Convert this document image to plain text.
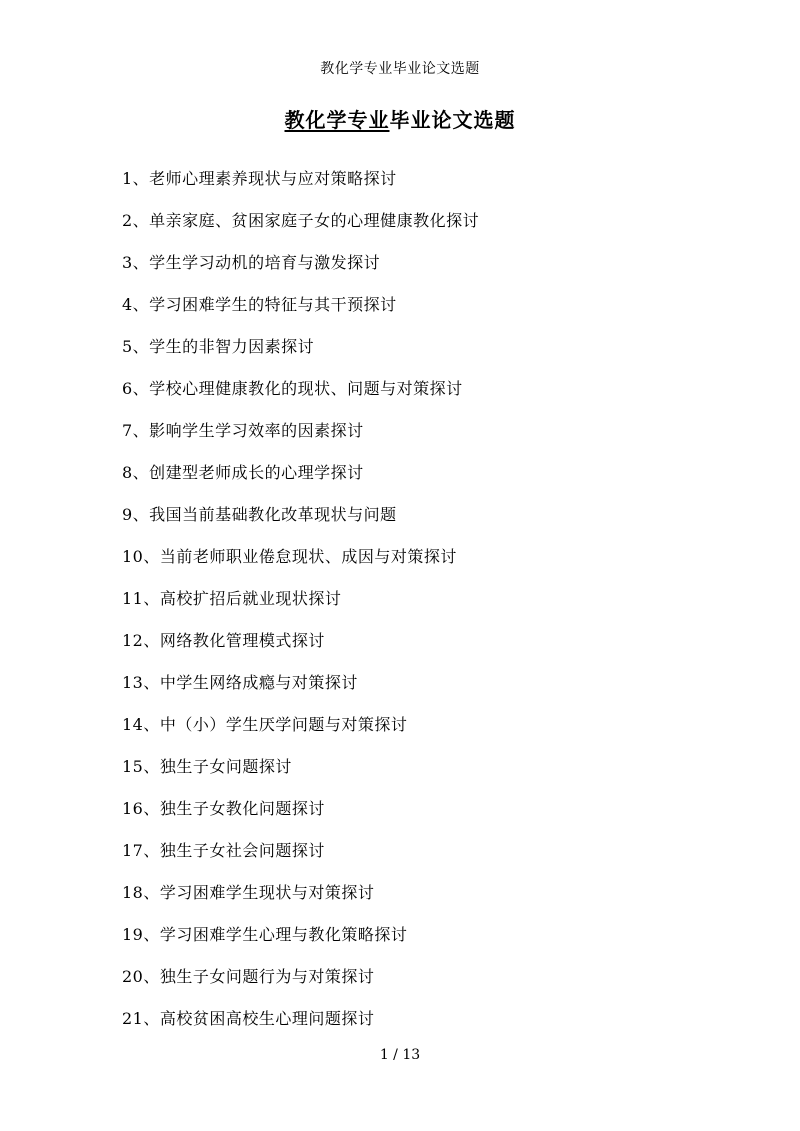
教化学专业毕业论文选题
教化学专业毕业论文选题
1、老师心理素养现状与应对策略探讨
2、单亲家庭、贫困家庭子女的心理健康教化探讨
3、学生学习动机的培育与激发探讨
4、学习困难学生的特征与其干预探讨
5、学生的非智力因素探讨
6、学校心理健康教化的现状、问题与对策探讨
7、影响学生学习效率的因素探讨
8、创建型老师成长的心理学探讨
9、我国当前基础教化改革现状与问题
10、当前老师职业倦怠现状、成因与对策探讨
11、高校扩招后就业现状探讨
12、网络教化管理模式探讨
13、中学生网络成瘾与对策探讨
14、中（小）学生厌学问题与对策探讨
15、独生子女问题探讨
16、独生子女教化问题探讨
17、独生子女社会问题探讨
18、学习困难学生现状与对策探讨
19、学习困难学生心理与教化策略探讨
20、独生子女问题行为与对策探讨
21、高校贫困高校生心理问题探讨
1 / 13
